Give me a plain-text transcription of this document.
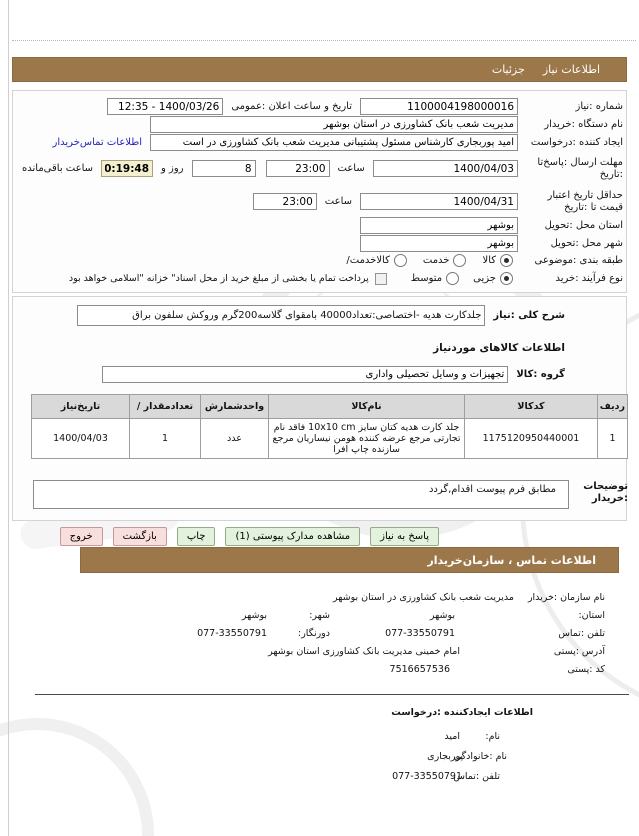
اطلاعات نیاز
جزئیات
شماره :نیاز
1100004198000016
تاریخ و ساعت اعلان :عمومی
1400/03/26 - 12:35
نام دستگاه :خریدار
مدیریت شعب بانک کشاورزی در استان بوشهر
ایجاد کننده :درخواست
امید پوربجاری کارشناس مسئول پشتیبانی مدیریت شعب بانک کشاورزی در است
اطلاعات تماس‌خریدار
مهلت ارسال :پاسخ‌تا
:تاریخ
1400/04/03
ساعت
23:00
8
روز و
10:19:48
ساعت باقی‌مانده
حداقل تاریخ اعتبار
قیمت تا :تاریخ
1400/04/31
ساعت
23:00
استان محل :تحویل
بوشهر
شهر محل :تحویل
بوشهر
طبقه بندی :موضوعی
کالا
خدمت
/کالاخدمت
نوع فرآیند :خرید
جزیی
متوسط
پرداخت تمام یا بخشی از مبلغ خرید از محل اسناد" خزانه "اسلامی خواهد بود
شرح کلی :نیاز
جلدکارت هدیه -اختصاصی:تعداد40000 بامقوای گلاسه200گرم وروکش سلفون براق
اطلاعات کالاهای موردنیاز
گروه :کالا
تجهیزات و وسایل تحصیلی واداری
ردیف	کدکالا	نام‌کالا	واحدشمارش	/ تعدادمقدار	تاریخ‌نیاز
1	1175120950440001	جلد کارت هدیه کتان سایز 10x10 cm فاقد نام تجارتی مرجع عرضه کننده هومن نیساریان مرجع سازنده چاپ افرا	عدد	1	1400/04/03
توضیحات
:خریدار
مطابق فرم پیوست اقدام,گردد
پاسخ به نیاز
مشاهده مدارک پیوستی (1)
چاپ
بازگشت
خروج
اطلاعات تماس ، سازمان‌خریدار
نام سازمان :خریدار
مدیریت شعب بانک کشاورزی در استان بوشهر
استان:
بوشهر
شهر:
بوشهر
تلفن :تماس
077-33550791
دورنگار:
077-33550791
آدرس :پستی
امام خمینی مدیریت بانک کشاورزی استان بوشهر
کد :پستی
7516657536
اطلاعات ایجادکننده :درخواست
نام:
امید
نام :خانوادگی
پوربجاری
تلفن :تماس
077-33550791
